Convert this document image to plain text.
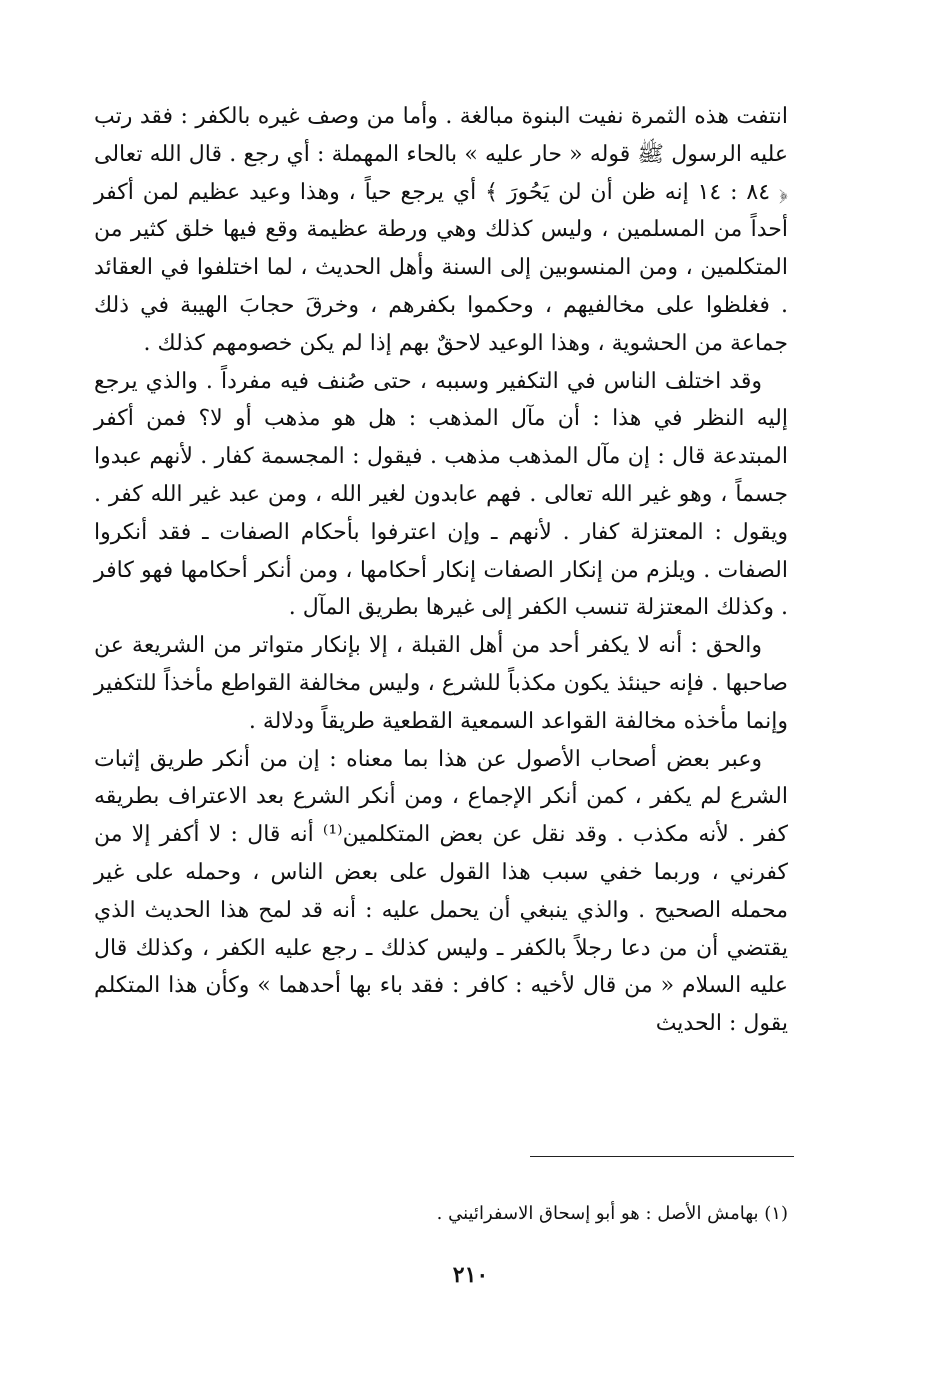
انتفت هذه الثمرة نفيت البنوة مبالغة . وأما من وصف غيره بالكفر : فقد رتب عليه الرسول ﷺ قوله « حار عليه » بالحاء المهملة : أي رجع . قال الله تعالى ﴿ ٨٤ : ١٤ إنه ظن أن لن يَحُورَ ﴾ أي يرجع حياً ، وهذا وعيد عظيم لمن أكفر أحداً من المسلمين ، وليس كذلك وهي ورطة عظيمة وقع فيها خلق كثير من المتكلمين ، ومن المنسوبين إلى السنة وأهل الحديث ، لما اختلفوا في العقائد . فغلظوا على مخالفيهم ، وحكموا بكفرهم ، وخرقَ حجابَ الهيبة في ذلك جماعة من الحشوية ، وهذا الوعيد لاحقٌ بهم إذا لم يكن خصومهم كذلك .

وقد اختلف الناس في التكفير وسببه ، حتى صُنف فيه مفرداً . والذي يرجع إليه النظر في هذا : أن مآل المذهب : هل هو مذهب أو لا؟ فمن أكفر المبتدعة قال : إن مآل المذهب مذهب . فيقول : المجسمة كفار . لأنهم عبدوا جسماً ، وهو غير الله تعالى . فهم عابدون لغير الله ، ومن عبد غير الله كفر . ويقول : المعتزلة كفار . لأنهم ـ وإن اعترفوا بأحكام الصفات ـ فقد أنكروا الصفات . ويلزم من إنكار الصفات إنكار أحكامها ، ومن أنكر أحكامها فهو كافر . وكذلك المعتزلة تنسب الكفر إلى غيرها بطريق المآل .

والحق : أنه لا يكفر أحد من أهل القبلة ، إلا بإنكار متواتر من الشريعة عن صاحبها . فإنه حينئذ يكون مكذباً للشرع ، وليس مخالفة القواطع مأخذاً للتكفير وإنما مأخذه مخالفة القواعد السمعية القطعية طريقاً ودلالة .

وعبر بعض أصحاب الأصول عن هذا بما معناه : إن من أنكر طريق إثبات الشرع لم يكفر ، كمن أنكر الإجماع ، ومن أنكر الشرع بعد الاعتراف بطريقه كفر . لأنه مكذب . وقد نقل عن بعض المتكلمين⁽¹⁾ أنه قال : لا أكفر إلا من كفرني ، وربما خفي سبب هذا القول على بعض الناس ، وحمله على غير محمله الصحيح . والذي ينبغي أن يحمل عليه : أنه قد لمح هذا الحديث الذي يقتضي أن من دعا رجلاً بالكفر ـ وليس كذلك ـ رجع عليه الكفر ، وكذلك قال عليه السلام « من قال لأخيه : كافر : فقد باء بها أحدهما » وكأن هذا المتكلم يقول : الحديث

(١) بهامش الأصل : هو أبو إسحاق الاسفرائيني .
٢١٠
